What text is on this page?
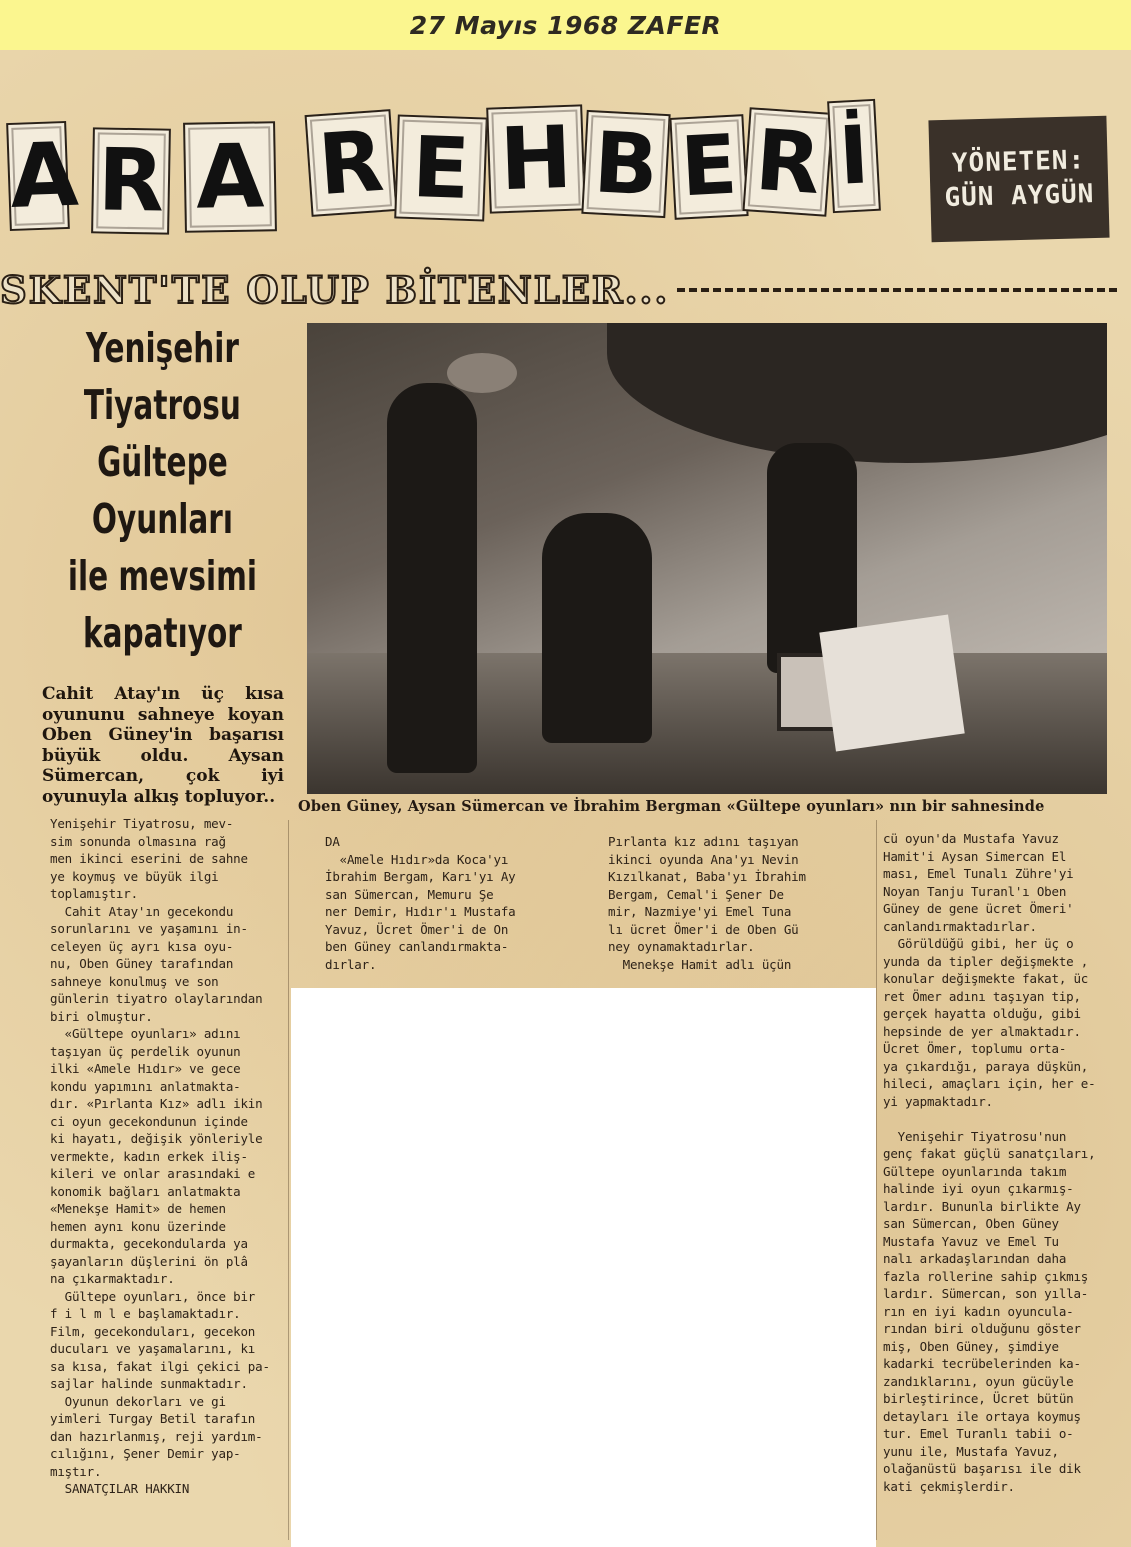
27 Mayıs 1968 ZAFER
A R A R E H B E R İ	YÖNETEN:
GÜN AYGÜN
SKENT'TE OLUP BİTENLER...
Yenişehir
Tiyatrosu
Gültepe
Oyunları
ile mevsimi
kapatıyor
Oben Güney, Aysan Sümercan ve İbrahim Bergman «Gültepe oyunları» nın bir sahnesinde
Cahit Atay'ın üç kısa oyununu sahneye koyan Oben Güney'in başarısı büyük oldu. Aysan Sümercan, çok iyi oyunuyla alkış topluyor..
Yenişehir Tiyatrosu, mev-
sim sonunda olmasına rağ
men ikinci eserini de sahne
ye koymuş ve büyük ilgi
toplamıştır.
Cahit Atay'ın gecekondu
sorunlarını ve yaşamını in-
celeyen üç ayrı kısa oyu-
nu, Oben Güney tarafından
sahneye konulmuş ve son
günlerin tiyatro olaylarından
biri olmuştur.
«Gültepe oyunları» adını
taşıyan üç perdelik oyunun
ilki «Amele Hıdır» ve gece
kondu yapımını anlatmakta-
dır. «Pırlanta Kız» adlı ikin
ci oyun gecekondunun içinde
ki hayatı, değişik yönleriyle
vermekte, kadın erkek iliş-
kileri ve onlar arasındaki e
konomik bağları anlatmakta
«Menekşe Hamit» de hemen
hemen aynı konu üzerinde
durmakta, gecekondularda ya
şayanların düşlerini ön plâ
na çıkarmaktadır.
Gültepe oyunları, önce bir
f i l m l e başlamaktadır.
Film, gecekonduları, gecekon
ducuları ve yaşamalarını, kı
sa kısa, fakat ilgi çekici pa-
sajlar halinde sunmaktadır.
Oyunun dekorları ve gi
yimleri Turgay Betil tarafın
dan hazırlanmış, reji yardım-
cılığını, Şener Demir yap-
mıştır.
SANATÇILAR HAKKIN
DA
«Amele Hıdır»da Koca'yı
İbrahim Bergam, Karı'yı Ay
san Sümercan, Memuru Şe
ner Demir, Hıdır'ı Mustafa
Yavuz, Ücret Ömer'i de On
ben Güney canlandırmakta-
dırlar.
Pırlanta kız adını taşıyan
ikinci oyunda Ana'yı Nevin
Kızılkanat, Baba'yı İbrahim
Bergam, Cemal'i Şener De
mir, Nazmiye'yi Emel Tuna
lı ücret Ömer'i de Oben Gü
ney oynamaktadırlar.
Menekşe Hamit adlı üçün
cü oyun'da Mustafa Yavuz
Hamit'i Aysan Simercan El
ması, Emel Tunalı Zühre'yi
Noyan Tanju Turanl'ı Oben
Güney de gene ücret Ömeri'
canlandırmaktadırlar.
Görüldüğü gibi, her üç o
yunda da tipler değişmekte ,
konular değişmekte fakat, üc
ret Ömer adını taşıyan tip,
gerçek hayatta olduğu, gibi
hepsinde de yer almaktadır.
Ücret Ömer, toplumu orta-
ya çıkardığı, paraya düşkün,
hileci, amaçları için, her e-
yi yapmaktadır.

Yenişehir Tiyatrosu'nun
genç fakat güçlü sanatçıları,
Gültepe oyunlarında takım
halinde iyi oyun çıkarmış-
lardır. Bununla birlikte Ay
san Sümercan, Oben Güney
Mustafa Yavuz ve Emel Tu
nalı arkadaşlarından daha
fazla rollerine sahip çıkmış
lardır. Sümercan, son yılla-
rın en iyi kadın oyuncula-
rından biri olduğunu göster
miş, Oben Güney, şimdiye
kadarki tecrübelerinden ka-
zandıklarını, oyun gücüyle
birleştirince, Ücret bütün
detayları ile ortaya koymuş
tur. Emel Turanlı tabii o-
yunu ile, Mustafa Yavuz,
olağanüstü başarısı ile dik
kati çekmişlerdir.
